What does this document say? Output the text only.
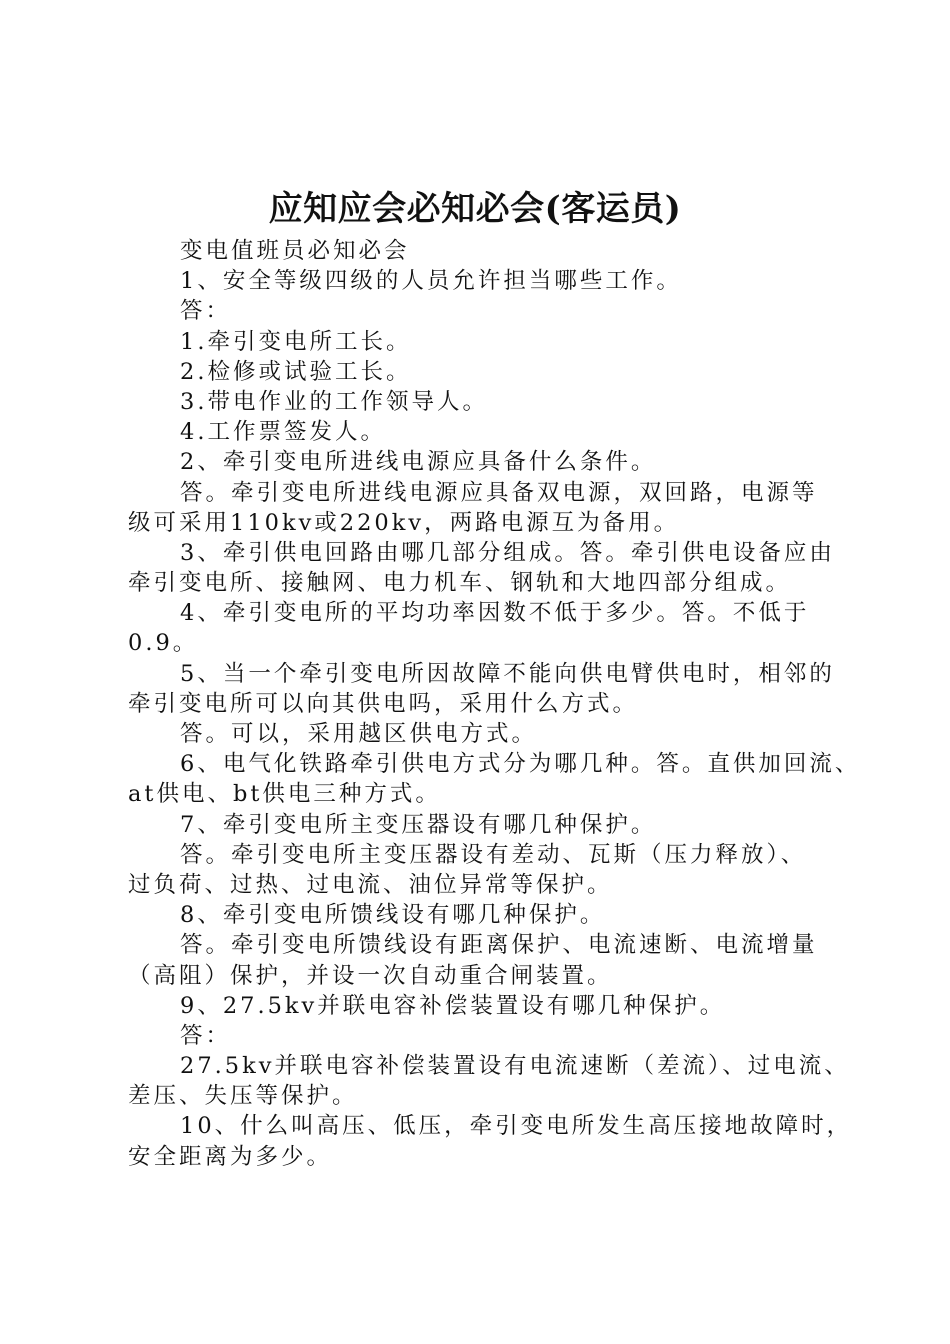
应知应会必知必会(客运员)
变电值班员必知必会
1、安全等级四级的人员允许担当哪些工作。
答：
1.牵引变电所工长。
2.检修或试验工长。
3.带电作业的工作领导人。
4.工作票签发人。
2、牵引变电所进线电源应具备什么条件。
答。牵引变电所进线电源应具备双电源，双回路，电源等
级可采用110kv或220kv，两路电源互为备用。
3、牵引供电回路由哪几部分组成。答。牵引供电设备应由
牵引变电所、接触网、电力机车、钢轨和大地四部分组成。
4、牵引变电所的平均功率因数不低于多少。答。不低于
0.9。
5、当一个牵引变电所因故障不能向供电臂供电时，相邻的
牵引变电所可以向其供电吗，采用什么方式。
答。可以，采用越区供电方式。
6、电气化铁路牵引供电方式分为哪几种。答。直供加回流、
at供电、bt供电三种方式。
7、牵引变电所主变压器设有哪几种保护。
答。牵引变电所主变压器设有差动、瓦斯（压力释放）、
过负荷、过热、过电流、油位异常等保护。
8、牵引变电所馈线设有哪几种保护。
答。牵引变电所馈线设有距离保护、电流速断、电流增量
（高阻）保护，并设一次自动重合闸装置。
9、27.5kv并联电容补偿装置设有哪几种保护。
答：
27.5kv并联电容补偿装置设有电流速断（差流）、过电流、
差压、失压等保护。
10、什么叫高压、低压，牵引变电所发生高压接地故障时，
安全距离为多少。
